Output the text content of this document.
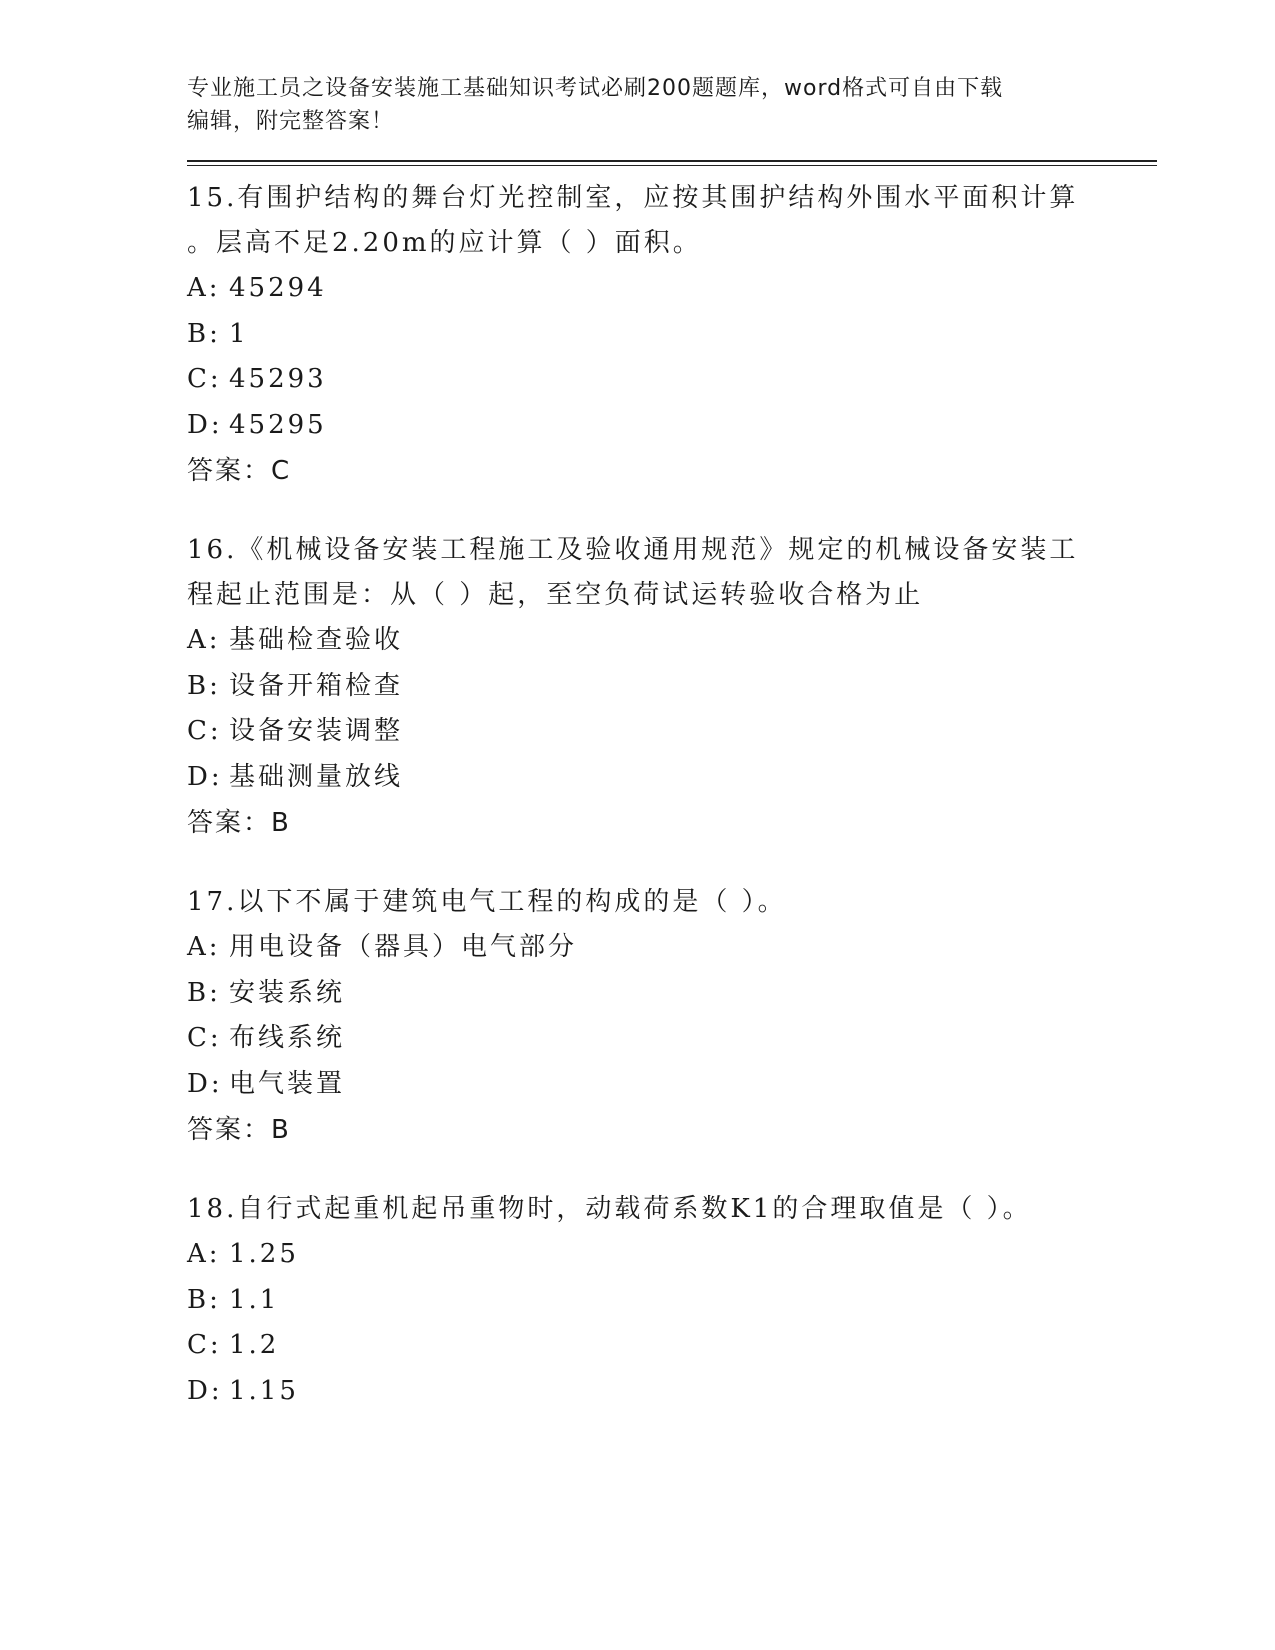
专业施工员之设备安装施工基础知识考试必刷200题题库，word格式可自由下载
编辑，附完整答案！
15.有围护结构的舞台灯光控制室，应按其围护结构外围水平面积计算
。层高不足2.20m的应计算（ ）面积。
A: 45294
B: 1
C: 45293
D: 45295
答案：C
16.《机械设备安装工程施工及验收通用规范》规定的机械设备安装工
程起止范围是：从（ ）起，至空负荷试运转验收合格为止
A: 基础检查验收
B: 设备开箱检查
C: 设备安装调整
D: 基础测量放线
答案：B
17.以下不属于建筑电气工程的构成的是（ ）。
A: 用电设备（器具）电气部分
B: 安装系统
C: 布线系统
D: 电气装置
答案：B
18.自行式起重机起吊重物时，动载荷系数K1的合理取值是（ ）。
A: 1.25
B: 1.1
C: 1.2
D: 1.15
